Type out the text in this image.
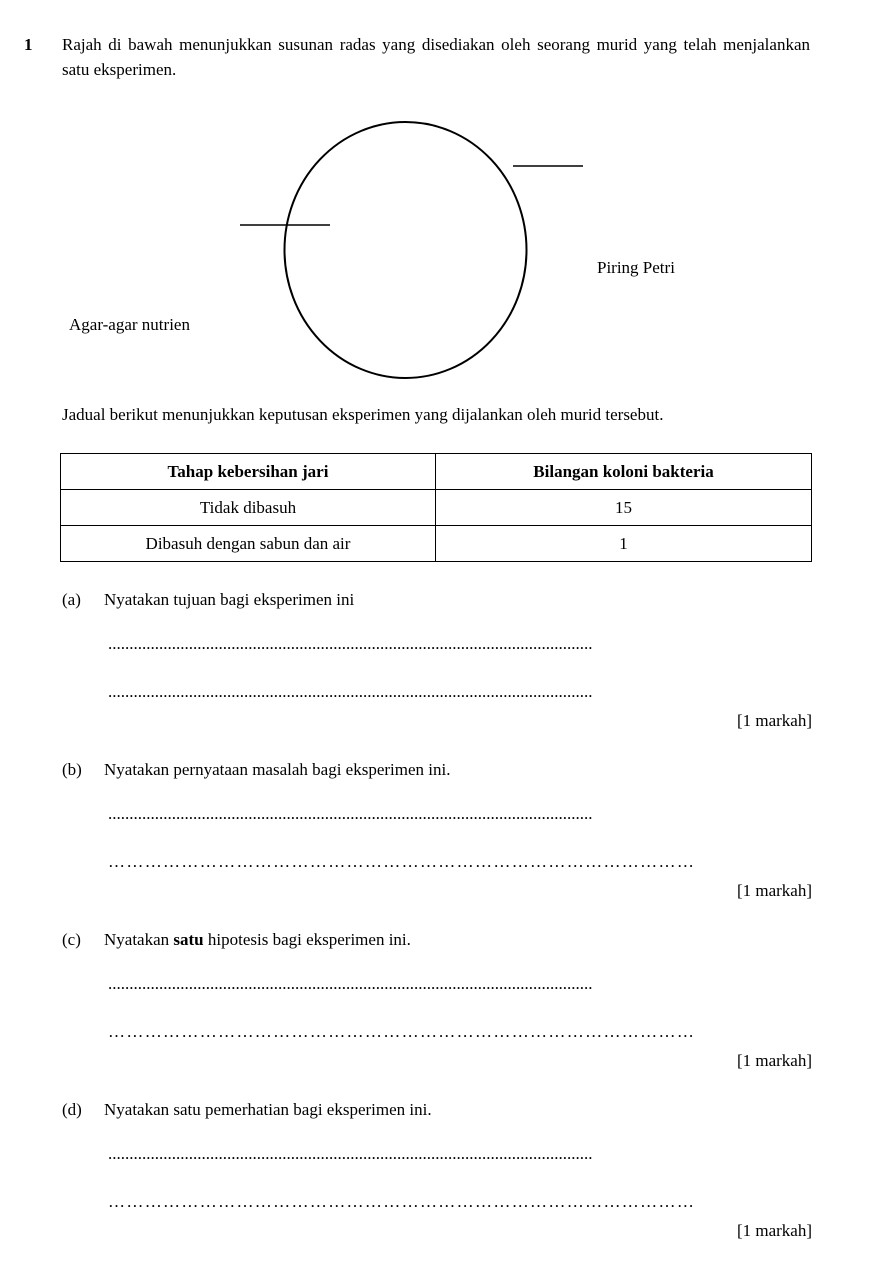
1	Rajah di bawah menunjukkan susunan radas yang disediakan oleh seorang murid yang telah menjalankan satu eksperimen.
Piring Petri
Agar-agar nutrien
Jadual berikut menunjukkan keputusan eksperimen yang dijalankan oleh murid tersebut.
Tahap kebersihan jari	Bilangan koloni bakteria
Tidak dibasuh	15
Dibasuh dengan sabun dan air	1
(a)	Nyatakan tujuan bagi eksperimen ini
..................................................................................................................
..................................................................................................................
[1 markah]
(b)	Nyatakan pernyataan masalah bagi eksperimen ini.
..................................................................................................................
……………………………………………………………………………………
[1 markah]
(c)	Nyatakan satu hipotesis bagi eksperimen ini.
..................................................................................................................
……………………………………………………………………………………
[1 markah]
(d)	Nyatakan satu pemerhatian bagi eksperimen ini.
..................................................................................................................
……………………………………………………………………………………
[1 markah]
